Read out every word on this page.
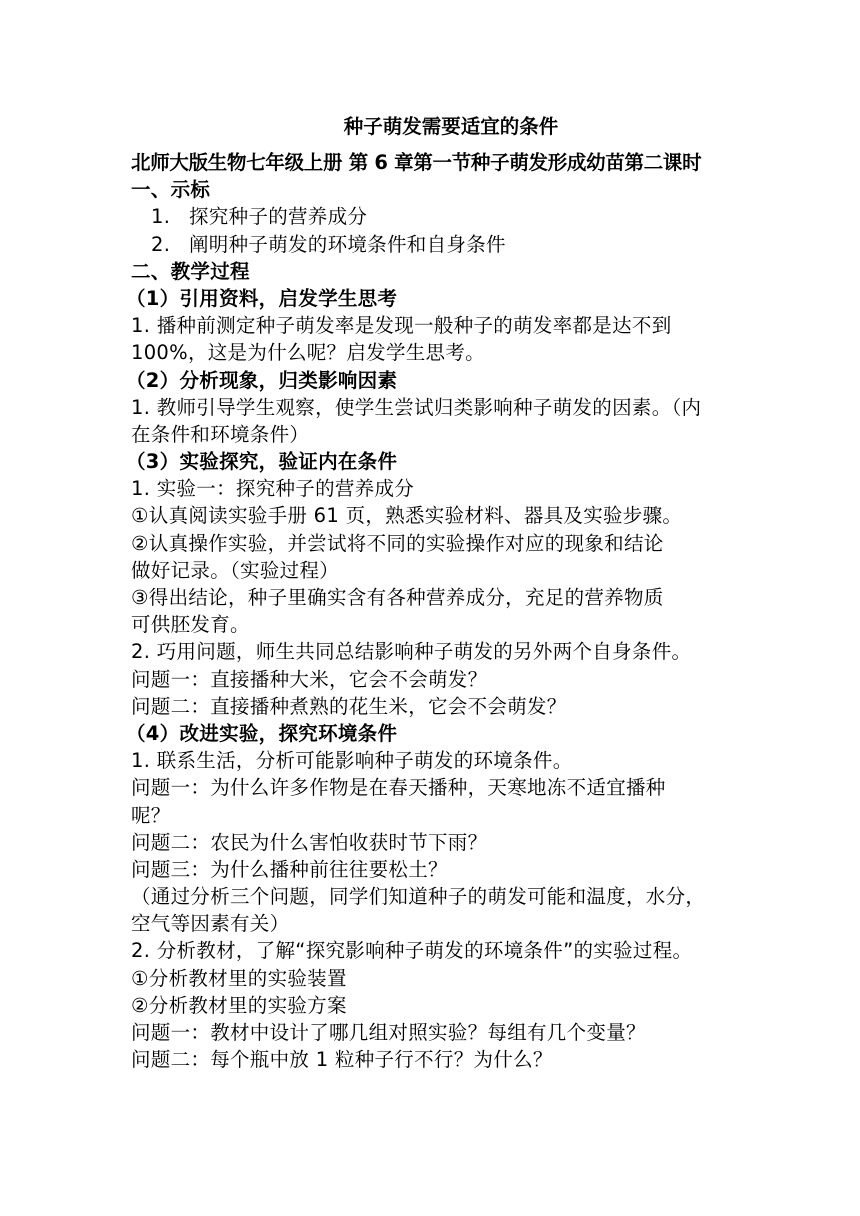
种子萌发需要适宜的条件
北师大版生物七年级上册 第 6 章第一节种子萌发形成幼苗第二课时
一、示标
1. 探究种子的营养成分
2. 阐明种子萌发的环境条件和自身条件
二、教学过程
（1）引用资料，启发学生思考
1. 播种前测定种子萌发率是发现一般种子的萌发率都是达不到
100%，这是为什么呢？启发学生思考。
（2）分析现象，归类影响因素
1. 教师引导学生观察，使学生尝试归类影响种子萌发的因素。（内
在条件和环境条件）
（3）实验探究，验证内在条件
1. 实验一：探究种子的营养成分
①认真阅读实验手册 61 页，熟悉实验材料、器具及实验步骤。
②认真操作实验，并尝试将不同的实验操作对应的现象和结论
做好记录。（实验过程）
③得出结论，种子里确实含有各种营养成分，充足的营养物质
可供胚发育。
2. 巧用问题，师生共同总结影响种子萌发的另外两个自身条件。
问题一：直接播种大米，它会不会萌发？
问题二：直接播种煮熟的花生米，它会不会萌发？
（4）改进实验，探究环境条件
1. 联系生活，分析可能影响种子萌发的环境条件。
问题一：为什么许多作物是在春天播种，天寒地冻不适宜播种
呢？
问题二：农民为什么害怕收获时节下雨？
问题三：为什么播种前往往要松土？
（通过分析三个问题，同学们知道种子的萌发可能和温度，水分，
空气等因素有关）
2. 分析教材，了解“探究影响种子萌发的环境条件”的实验过程。
①分析教材里的实验装置
②分析教材里的实验方案
问题一：教材中设计了哪几组对照实验？每组有几个变量？
问题二：每个瓶中放 1 粒种子行不行？为什么？
